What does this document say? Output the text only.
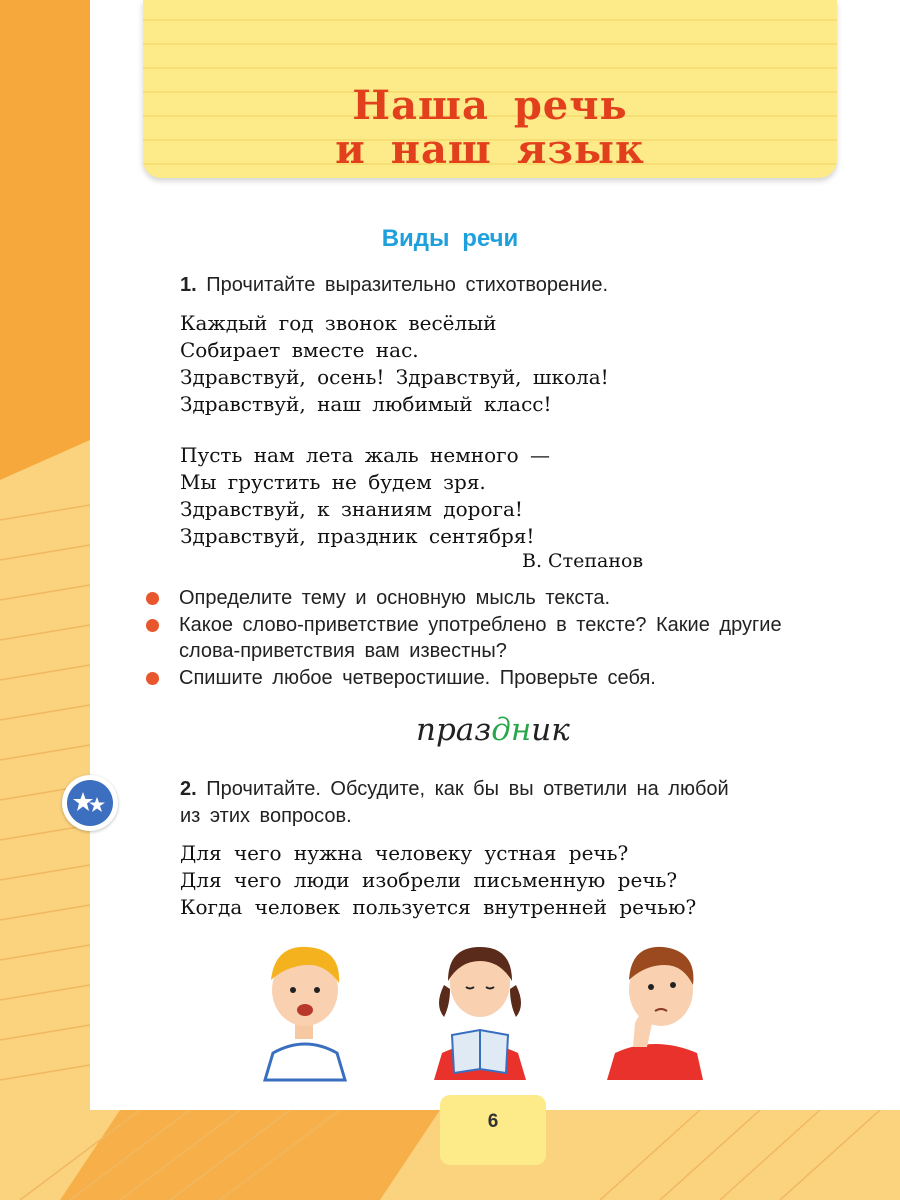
Наша речь
и наш язык
Виды речи
1. Прочитайте выразительно стихотворение.
Каждый год звонок весёлый
Собирает вместе нас.
Здравствуй, осень! Здравствуй, школа!
Здравствуй, наш любимый класс!
Пусть нам лета жаль немного —
Мы грустить не будем зря.
Здравствуй, к знаниям дорога!
Здравствуй, праздник сентября!
В. Степанов
Определите тему и основную мысль текста.
Какое слово-приветствие употреблено в тексте? Какие другие слова-приветствия вам известны?
Спишите любое четверостишие. Проверьте себя.
праздник
2. Прочитайте. Обсудите, как бы вы ответили на любой
из этих вопросов.
Для чего нужна человеку устная речь?
Для чего люди изобрели письменную речь?
Когда человек пользуется внутренней речью?
6
